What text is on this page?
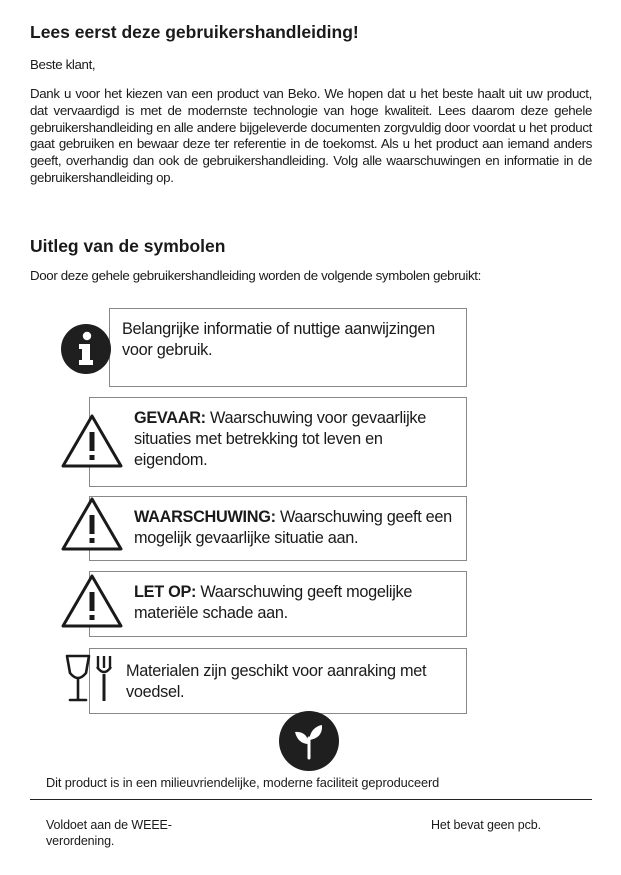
Lees eerst deze gebruikershandleiding!

Beste klant,

Dank u voor het kiezen van een product van Beko. We hopen dat u het beste haalt uit uw product, dat vervaardigd is met de modernste technologie van hoge kwaliteit. Lees daarom deze gehele gebruikershandleiding en alle andere bijgeleverde documenten zorgvuldig door voordat u het product gaat gebruiken en bewaar deze ter referentie in de toekomst. Als u het product aan iemand anders geeft, overhandig dan ook de gebruikershandleiding. Volg alle waarschuwingen en informatie in de gebruikershandleiding op.

Uitleg van de symbolen

Door deze gehele gebruikershandleiding worden de volgende symbolen gebruikt:

Belangrijke informatie of nuttige aanwijzingen voor gebruik.
GEVAAR: Waarschuwing voor gevaarlijke situaties met betrekking tot leven en eigendom.
WAARSCHUWING: Waarschuwing geeft een mogelijk gevaarlijke situatie aan.
LET OP: Waarschuwing geeft mogelijke materiële schade aan.
Materialen zijn geschikt voor aanraking met voedsel.
Dit product is in een milieuvriendelijke, moderne faciliteit geproduceerd
Voldoet aan de WEEE-verordening.
Het bevat geen pcb.
